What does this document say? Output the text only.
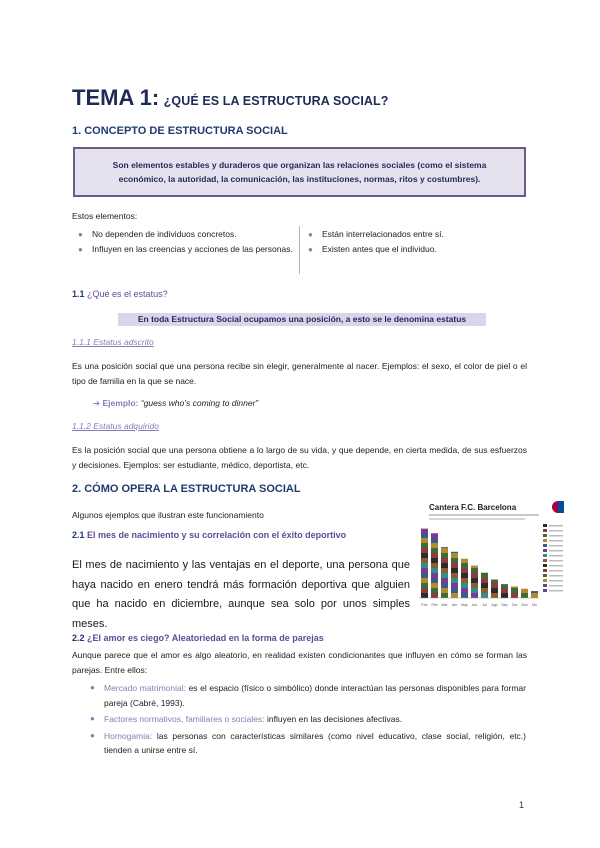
TEMA 1: ¿QUÉ ES LA ESTRUCTURA SOCIAL?
1. CONCEPTO DE ESTRUCTURA SOCIAL
Son elementos estables y duraderos que organizan las relaciones sociales (como el sistema económico, la autoridad, la comunicación, las instituciones, normas, ritos y costumbres).
Estos elementos:
● No dependen de individuos concretos.
● Influyen en las creencias y acciones de las personas.
● Están interrelacionados entre sí.
● Existen antes que el individuo.
1.1 ¿Qué es el estatus?
En toda Estructura Social ocupamos una posición, a esto se le denomina estatus
1.1.1 Estatus adscrito
Es una posición social que una persona recibe sin elegir, generalmente al nacer. Ejemplos: el sexo, el color de piel o el tipo de familia en la que se nace.
➔ Ejemplo: “guess who’s coming to dinner”
1.1.2 Estatus adquirido
Es la posición social que una persona obtiene a lo largo de su vida, y que depende, en cierta medida, de sus esfuerzos y decisiones. Ejemplos: ser estudiante, médico, deportista, etc.
2. CÓMO OPERA LA ESTRUCTURA SOCIAL
Algunos ejemplos que ilustran este funcionamiento
2.1 El mes de nacimiento y su correlación con el éxito deportivo
El mes de nacimiento y las ventajas en el deporte, una persona que haya nacido en enero tendrá más formación deportiva que alguien que ha nacido en diciembre, aunque sea solo por unos simples meses.
Cantera F.C. Barcelona
Ene Feb Mar Abr May Jun Jul Ago Sep Oct Nov Dic
2.2 ¿El amor es ciego? Aleatoriedad en la forma de parejas
Aunque parece que el amor es algo aleatorio, en realidad existen condicionantes que influyen en cómo se forman las parejas. Entre ellos:
● Mercado matrimonial: es el espacio (físico o simbólico) donde interactúan las personas disponibles para formar pareja (Cabré, 1993).
● Factores normativos, familiares o sociales: influyen en las decisiones afectivas.
● Homogamia: las personas con características similares (como nivel educativo, clase social, religión, etc.) tienden a unirse entre sí.
1
